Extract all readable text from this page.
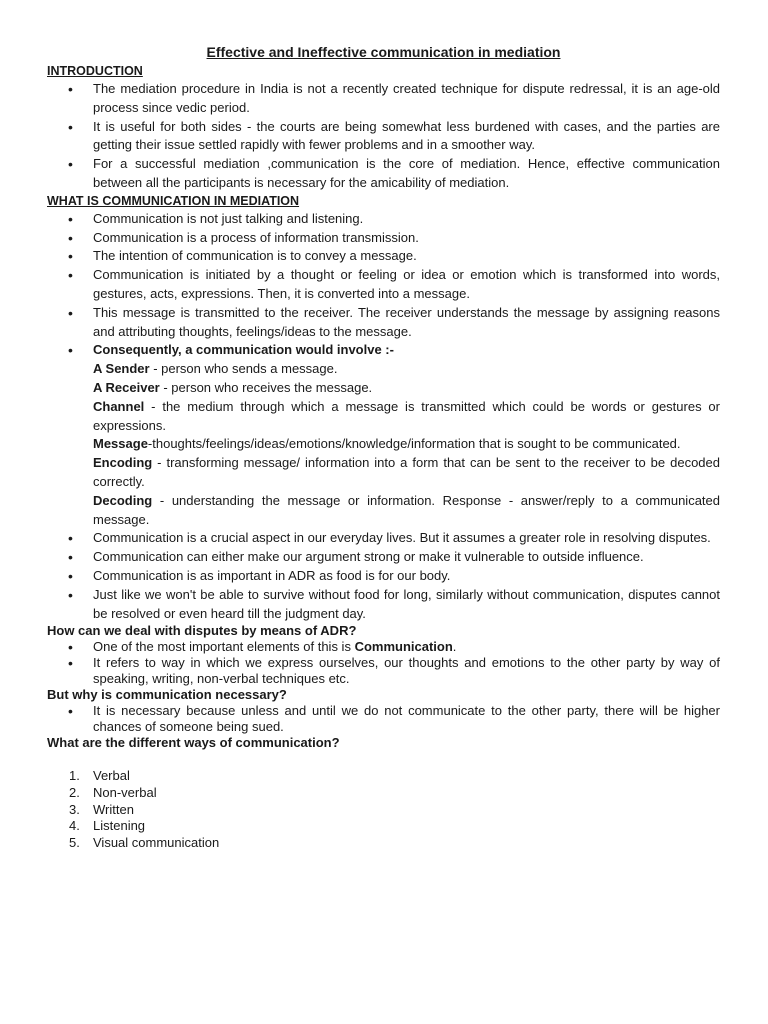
Effective and Ineffective communication in mediation
INTRODUCTION
• The mediation procedure in India is not a recently created technique for dispute redressal, it is an age-old process since vedic period.
• It is useful for both sides - the courts are being somewhat less burdened with cases, and the parties are getting their issue settled rapidly with fewer problems and in a smoother way.
• For a successful mediation ,communication is the core of mediation. Hence, effective communication between all the participants is necessary for the amicability of mediation.
WHAT IS COMMUNICATION IN MEDIATION
• Communication is not just talking and listening.
• Communication is a process of information transmission.
• The intention of communication is to convey a message.
• Communication is initiated by a thought or feeling or idea or emotion which is transformed into words, gestures, acts, expressions. Then, it is converted into a message.
• This message is transmitted to the receiver. The receiver understands the message by assigning reasons and attributing thoughts, feelings/ideas to the message.
• Consequently, a communication would involve :-
A Sender - person who sends a message.
A Receiver - person who receives the message.
Channel - the medium through which a message is transmitted which could be words or gestures or expressions.
Message-thoughts/feelings/ideas/emotions/knowledge/information that is sought to be communicated.
Encoding - transforming message/ information into a form that can be sent to the receiver to be decoded correctly.
Decoding - understanding the message or information. Response - answer/reply to a communicated message.
• Communication is a crucial aspect in our everyday lives. But it assumes a greater role in resolving disputes.
• Communication can either make our argument strong or make it vulnerable to outside influence.
• Communication is as important in ADR as food is for our body.
• Just like we won't be able to survive without food for long, similarly without communication, disputes cannot be resolved or even heard till the judgment day.
How can we deal with disputes by means of ADR?
• One of the most important elements of this is Communication.
• It refers to way in which we express ourselves, our thoughts and emotions to the other party by way of speaking, writing, non-verbal techniques etc.
But why is communication necessary?
• It is necessary because unless and until we do not communicate to the other party, there will be higher chances of someone being sued.
What are the different ways of communication?
1. Verbal
2. Non-verbal
3. Written
4. Listening
5. Visual communication
